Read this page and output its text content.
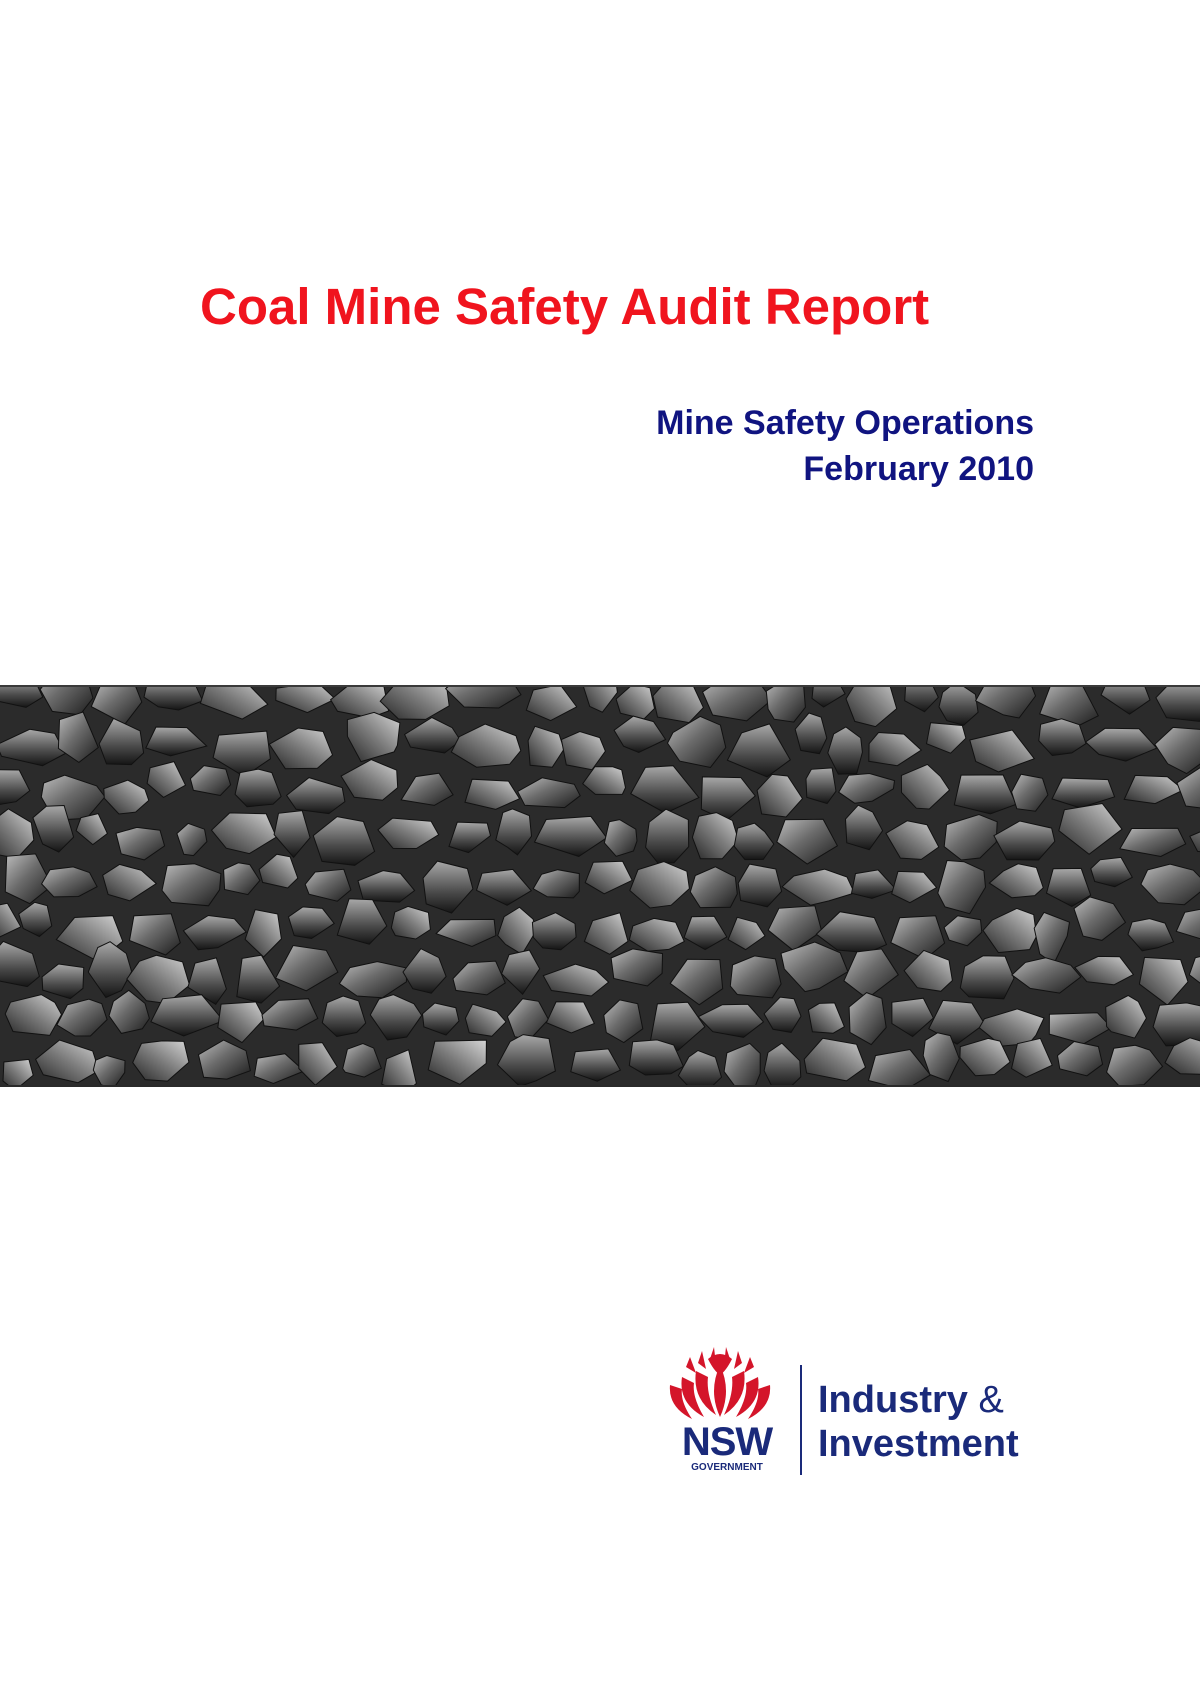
Coal Mine Safety Audit Report
Mine Safety Operations
February 2010
NSW
GOVERNMENT
Industry &
Investment
